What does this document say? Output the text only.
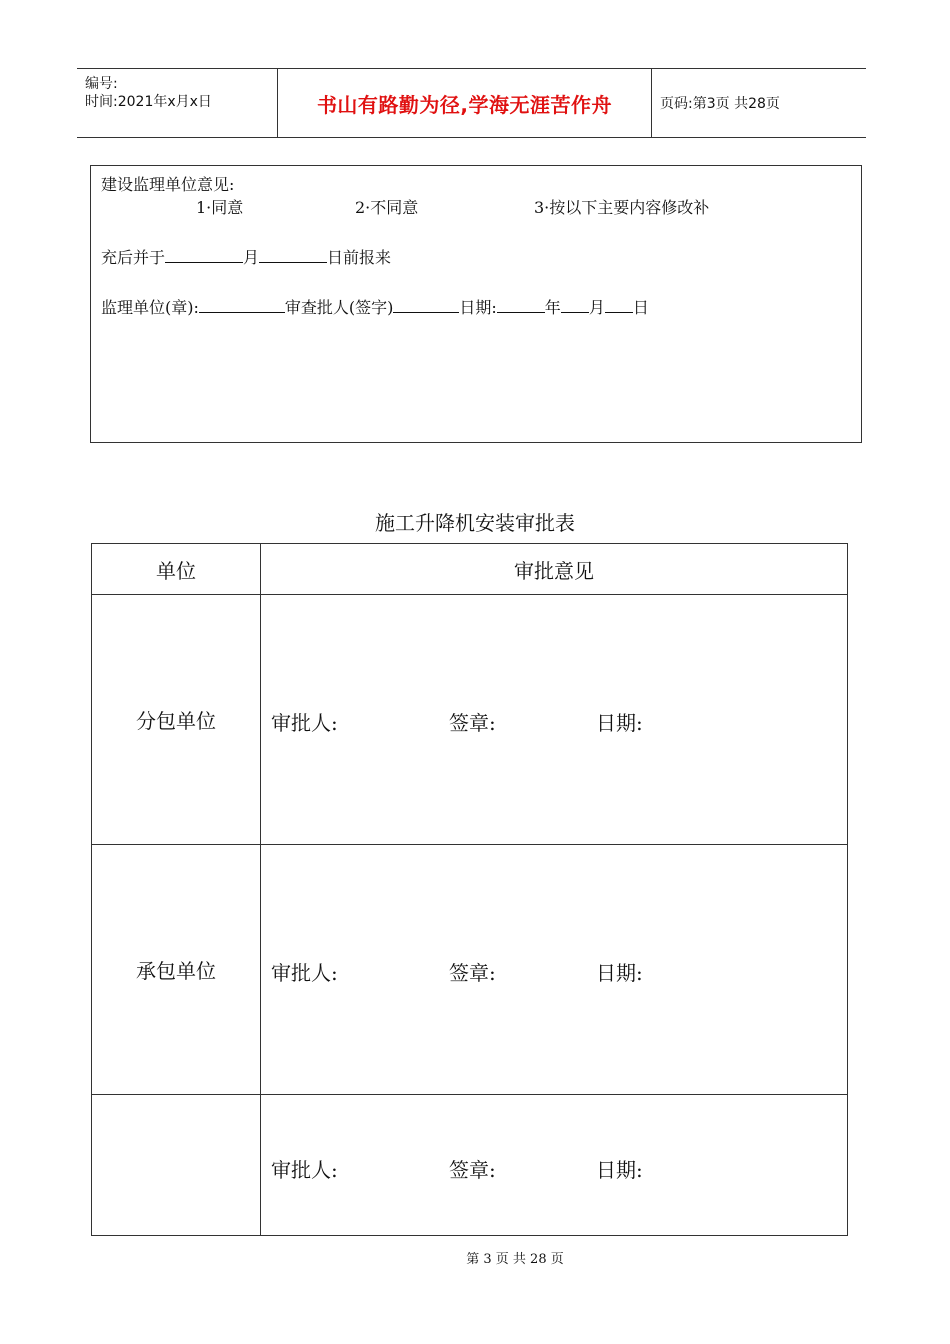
编号:
时间:2021年x月x日	书山有路勤为径,学海无涯苦作舟	页码:第3页 共28页
建设监理单位意见:
1·同意	2·不同意	3·按以下主要内容修改补
充后并于	月	日前报来
监理单位(章):	审查批人(签字)	日期:	年 月 日
施工升降机安装审批表
单位	审批意见
分包单位	审批人: 签章: 日期:

承包单位	审批人: 签章: 日期:

	审批人: 签章: 日期:
第 3 页 共 28 页
